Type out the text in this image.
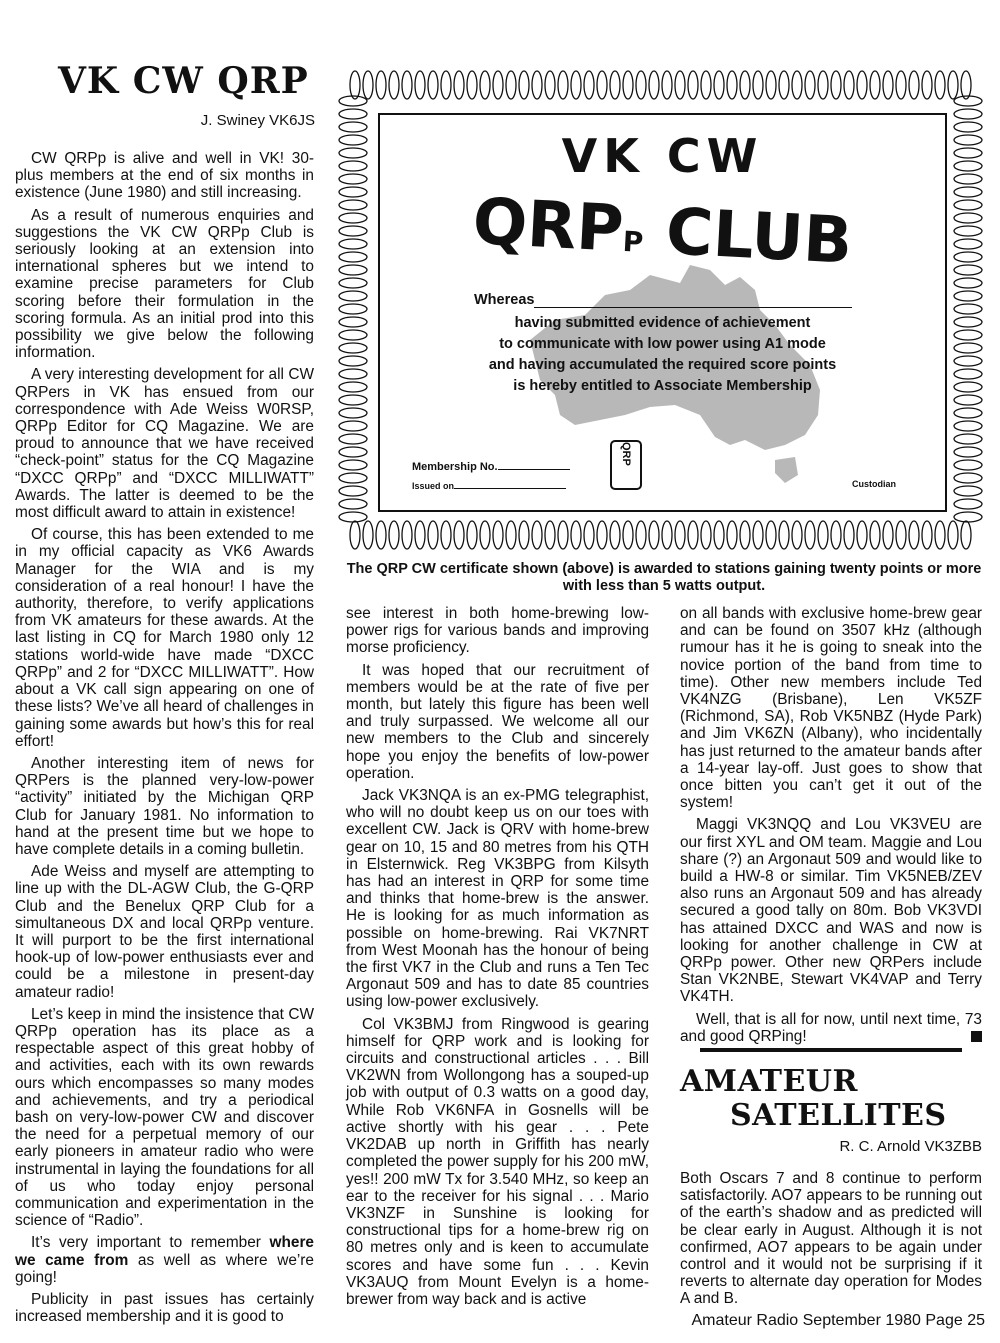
VK CW QRP
J. Swiney VK6JS

CW QRPp is alive and well in VK! 30-plus members at the end of six months in existence (June 1980) and still increasing.

As a result of numerous enquiries and suggestions the VK CW QRPp Club is seriously looking at an extension into international spheres but we intend to examine precise parameters for Club scoring before their formulation in the scoring formula. As an initial prod into this possibility we give below the following information.

A very interesting development for all CW QRPers in VK has ensued from our correspondence with Ade Weiss W0RSP, QRPp Editor for CQ Magazine. We are proud to announce that we have received “check-point” status for the CQ Magazine “DXCC QRPp” and “DXCC MILLIWATT” Awards. The latter is deemed to be the most difficult award to attain in existence!

Of course, this has been extended to me in my official capacity as VK6 Awards Manager for the WIA and is my consideration of a real honour! I have the authority, therefore, to verify applications from VK amateurs for these awards. At the last listing in CQ for March 1980 only 12 stations world-wide have made “DXCC QRPp” and 2 for “DXCC MILLIWATT”. How about a VK call sign appearing on one of these lists? We’ve all heard of challenges in gaining some awards but how’s this for real effort!

Another interesting item of news for QRPers is the planned very-low-power “activity” initiated by the Michigan QRP Club for January 1981. No information to hand at the present time but we hope to have complete details in a coming bulletin.

Ade Weiss and myself are attempting to line up with the DL-AGW Club, the G-QRP Club and the Benelux QRP Club for a simultaneous DX and local QRPp venture. It will purport to be the first international hook-up of low-power enthusiasts ever and could be a milestone in present-day amateur radio!

Let’s keep in mind the insistence that CW QRPp operation has its place as a respectable aspect of this great hobby of and activities, each with its own rewards ours which encompasses so many modes and achievements, and try a periodical bash on very-low-power CW and discover the need for a perpetual memory of our early pioneers in amateur radio who were instrumental in laying the foundations for all of us who today enjoy personal communication and experimentation in the science of “Radio”.

It’s very important to remember where we came from as well as where we’re going!

Publicity in past issues has certainly increased membership and it is good to

VK CW
QRPP CLUB
Whereas
having submitted evidence of achievement
to communicate with low power using A1 mode
and having accumulated the required score points
is hereby entitled to Associate Membership
Membership No.
Issued on
QRP
Custodian
The QRP CW certificate shown (above) is awarded to stations gaining twenty points or more with less than 5 watts output.

see interest in both home-brewing low-power rigs for various bands and improving morse proficiency.

It was hoped that our recruitment of members would be at the rate of five per month, but lately this figure has been well and truly surpassed. We welcome all our new members to the Club and sincerely hope you enjoy the benefits of low-power operation.

Jack VK3NQA is an ex-PMG telegraphist, who will no doubt keep us on our toes with excellent CW. Jack is QRV with home-brew gear on 10, 15 and 80 metres from his QTH in Elsternwick. Reg VK3BPG from Kilsyth has had an interest in QRP for some time and thinks that home-brew is the answer. He is looking for as much information as possible on home-brewing. Rai VK7NRT from West Moonah has the honour of being the first VK7 in the Club and runs a Ten Tec Argonaut 509 and has to date 85 countries using low-power exclusively.

Col VK3BMJ from Ringwood is gearing himself for QRP work and is looking for circuits and constructional articles . . . Bill VK2WN from Wollongong has a souped-up job with output of 0.3 watts on a good day, While Rob VK6NFA in Gosnells will be active shortly with his gear . . . Pete VK2DAB up north in Griffith has nearly completed the power supply for his 200 mW, yes!! 200 mW Tx for 3.540 MHz, so keep an ear to the receiver for his signal . . . Mario VK3NZF in Sunshine is looking for constructional tips for a home-brew rig on 80 metres only and is keen to accumulate scores and have some fun . . . Kevin VK3AUQ from Mount Evelyn is a home-brewer from way back and is active

on all bands with exclusive home-brew gear and can be found on 3507 kHz (although rumour has it he is going to sneak into the novice portion of the band from time to time). Other new members include Ted VK4NZG (Brisbane), Len VK5ZF (Richmond, SA), Rob VK5NBZ (Hyde Park) and Jim VK6ZN (Albany), who incidentally has just returned to the amateur bands after a 14-year lay-off. Just goes to show that once bitten you can’t get it out of the system!

Maggi VK3NQQ and Lou VK3VEU are our first XYL and OM team. Maggie and Lou share (?) an Argonaut 509 and would like to build a HW-8 or similar. Tim VK5NEB/ZEV also runs an Argonaut 509 and has already secured a good tally on 80m. Bob VK3VDI has attained DXCC and WAS and now is looking for another challenge in CW at QRPp power. Other new QRPers include Stan VK2NBE, Stewart VK4VAP and Terry VK4TH.

Well, that is all for now, until next time, 73 and good QRPing!

AMATEUR
SATELLITES
R. C. Arnold VK3ZBB

Both Oscars 7 and 8 continue to perform satisfactorily. AO7 appears to be running out of the earth’s shadow and as predicted will be clear early in August. Although it is not confirmed, AO7 appears to be again under control and it would not be surprising if it reverts to alternate day operation for Modes A and B.

Amateur Radio September 1980 Page 25
